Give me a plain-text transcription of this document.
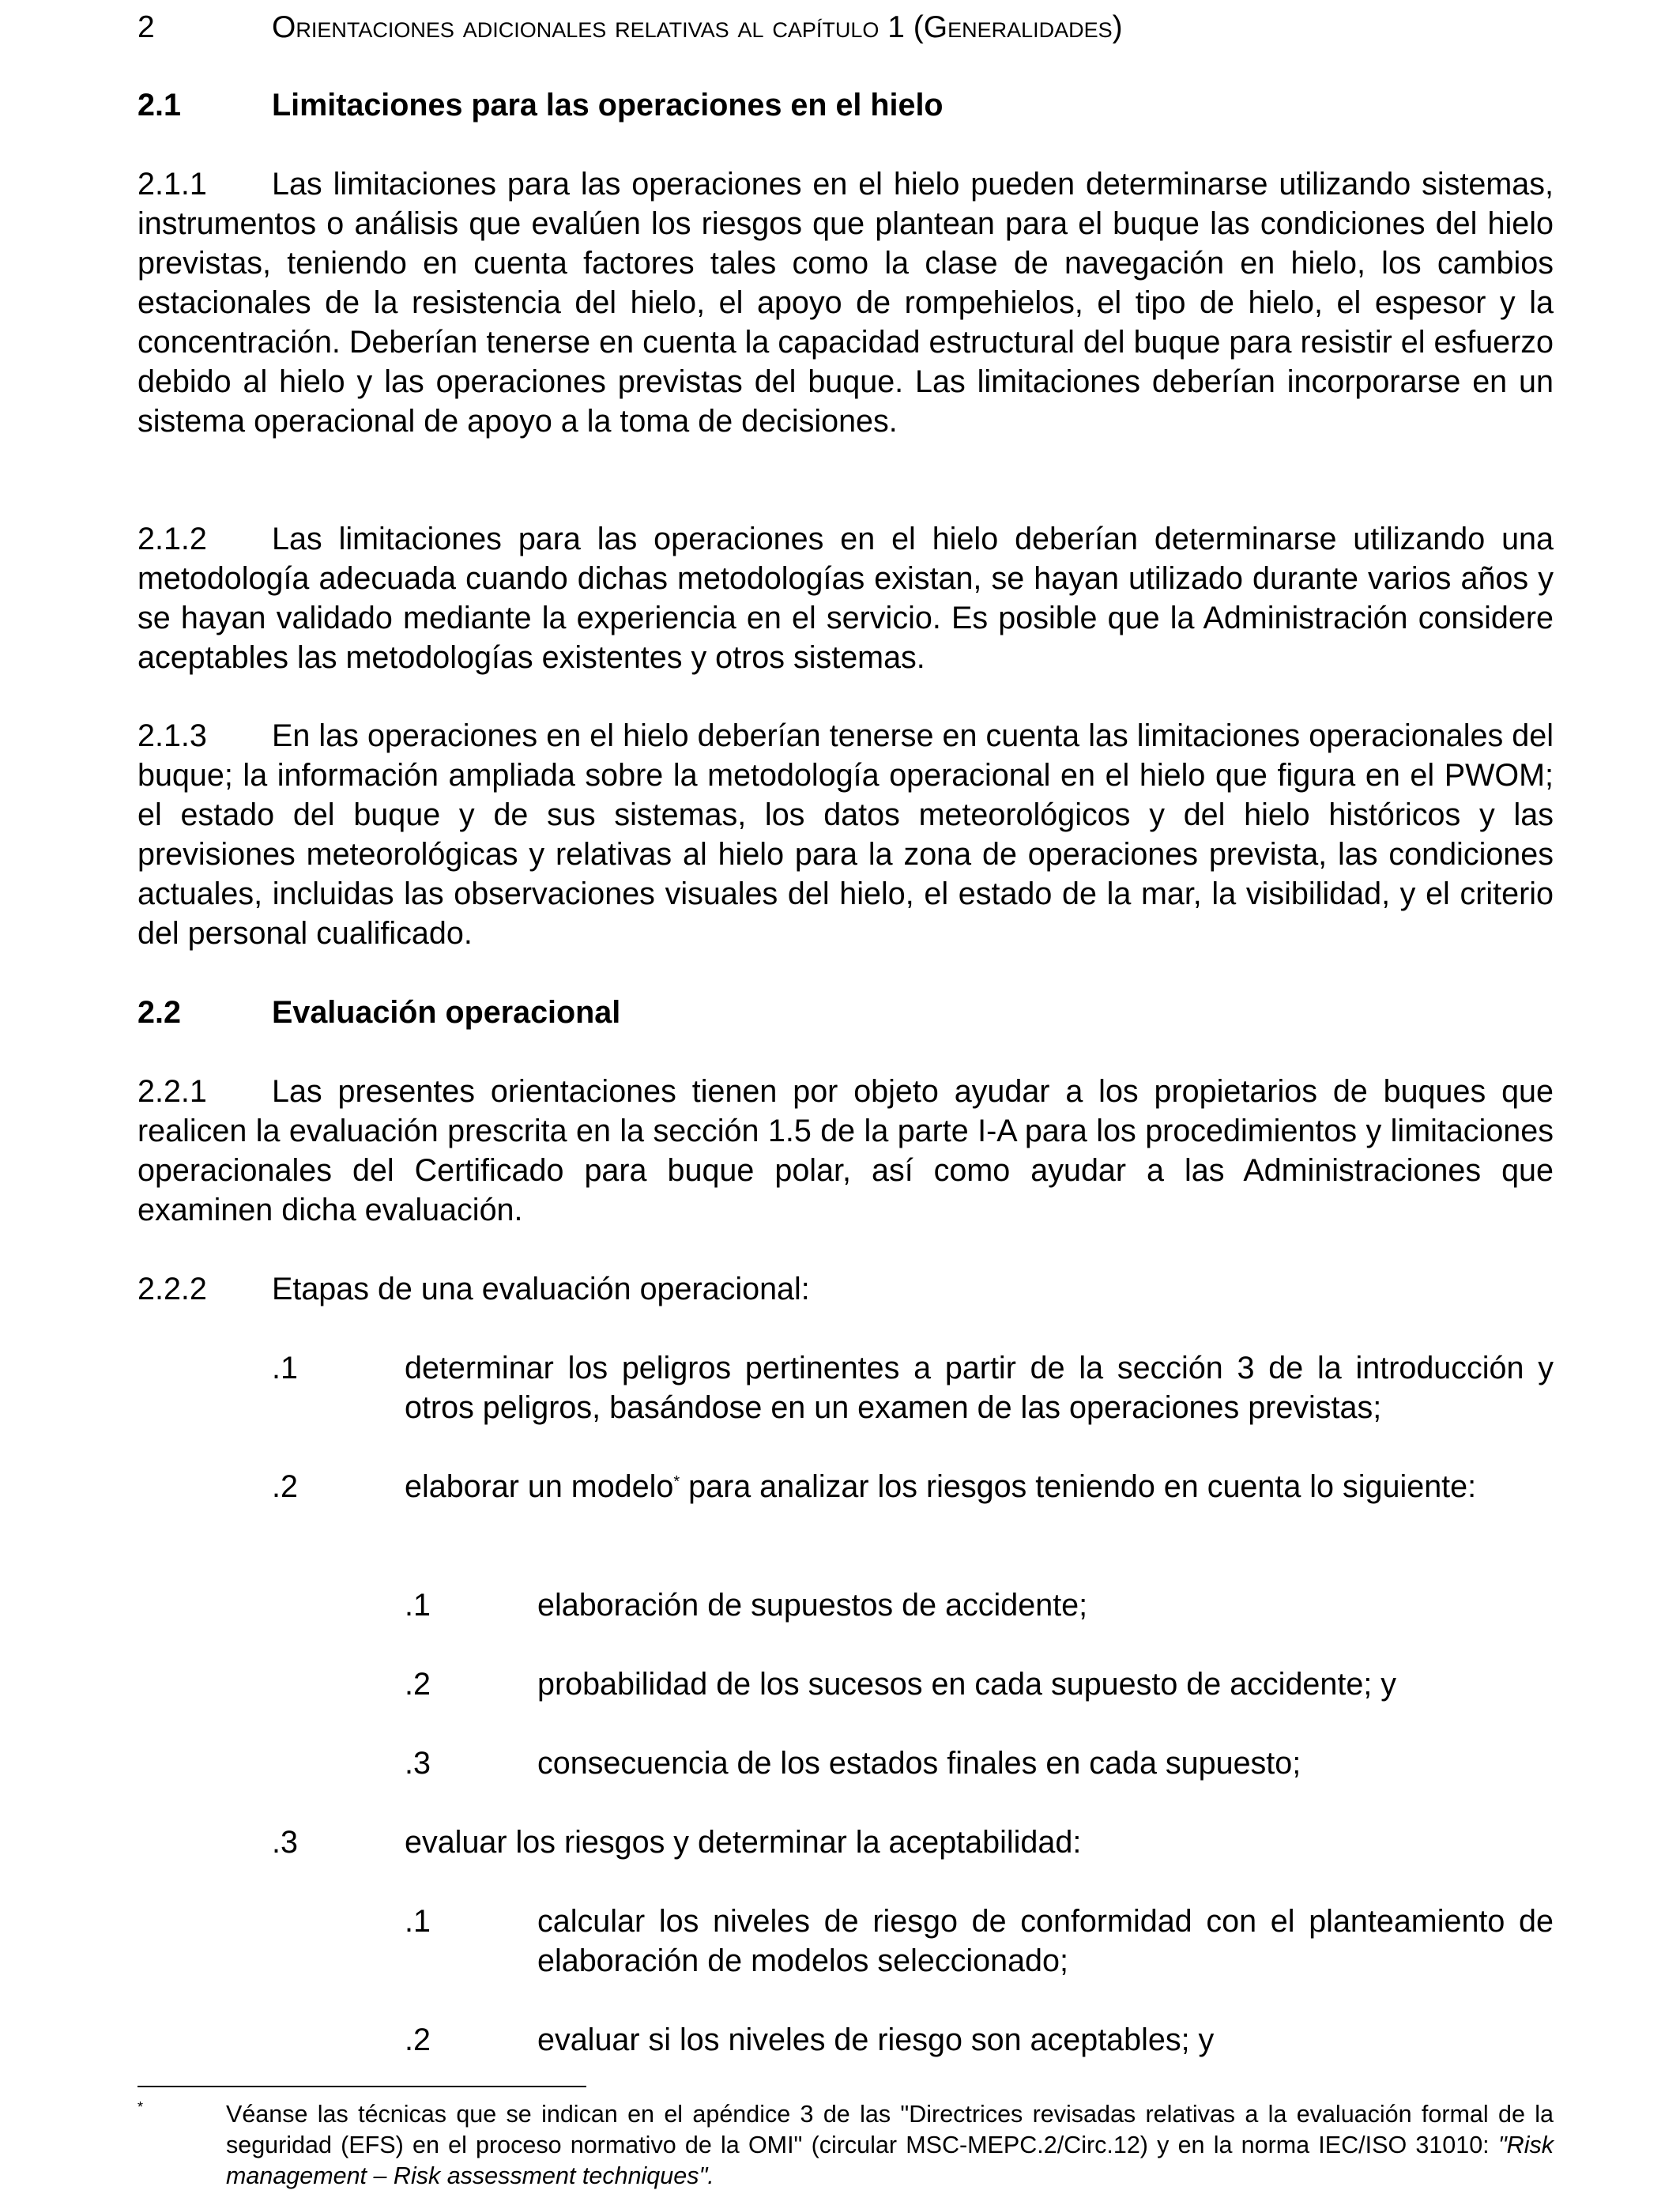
2	Orientaciones adicionales relativas al capítulo 1 (Generalidades)
2.1	Limitaciones para las operaciones en el hielo
2.1.1	Las limitaciones para las operaciones en el hielo pueden determinarse utilizando sistemas, instrumentos o análisis que evalúen los riesgos que plantean para el buque las condiciones del hielo previstas, teniendo en cuenta factores tales como la clase de navegación en hielo, los cambios estacionales de la resistencia del hielo, el apoyo de rompehielos, el tipo de hielo, el espesor y la concentración. Deberían tenerse en cuenta la capacidad estructural del buque para resistir el esfuerzo debido al hielo y las operaciones previstas del buque. Las limitaciones deberían incorporarse en un sistema operacional de apoyo a la toma de decisiones.
2.1.2	Las limitaciones para las operaciones en el hielo deberían determinarse utilizando una metodología adecuada cuando dichas metodologías existan, se hayan utilizado durante varios años y se hayan validado mediante la experiencia en el servicio. Es posible que la Administración considere aceptables las metodologías existentes y otros sistemas.
2.1.3	En las operaciones en el hielo deberían tenerse en cuenta las limitaciones operacionales del buque; la información ampliada sobre la metodología operacional en el hielo que figura en el PWOM; el estado del buque y de sus sistemas, los datos meteorológicos y del hielo históricos y las previsiones meteorológicas y relativas al hielo para la zona de operaciones prevista, las condiciones actuales, incluidas las observaciones visuales del hielo, el estado de la mar, la visibilidad, y el criterio del personal cualificado.
2.2	Evaluación operacional
2.2.1	Las presentes orientaciones tienen por objeto ayudar a los propietarios de buques que realicen la evaluación prescrita en la sección 1.5 de la parte I-A para los procedimientos y limitaciones operacionales del Certificado para buque polar, así como ayudar a las Administraciones que examinen dicha evaluación.
2.2.2 Etapas de una evaluación operacional:
.1	determinar los peligros pertinentes a partir de la sección 3 de la introducción y otros peligros, basándose en un examen de las operaciones previstas;
.2	elaborar un modelo* para analizar los riesgos teniendo en cuenta lo siguiente:
.1	elaboración de supuestos de accidente;
.2	probabilidad de los sucesos en cada supuesto de accidente; y
.3	consecuencia de los estados finales en cada supuesto;
.3	evaluar los riesgos y determinar la aceptabilidad:
.1	calcular los niveles de riesgo de conformidad con el planteamiento de elaboración de modelos seleccionado;
.2	evaluar si los niveles de riesgo son aceptables; y
*	Véanse las técnicas que se indican en el apéndice 3 de las "Directrices revisadas relativas a la evaluación formal de la seguridad (EFS) en el proceso normativo de la OMI" (circular MSC-MEPC.2/Circ.12) y en la norma IEC/ISO 31010: "Risk management – Risk assessment techniques".
